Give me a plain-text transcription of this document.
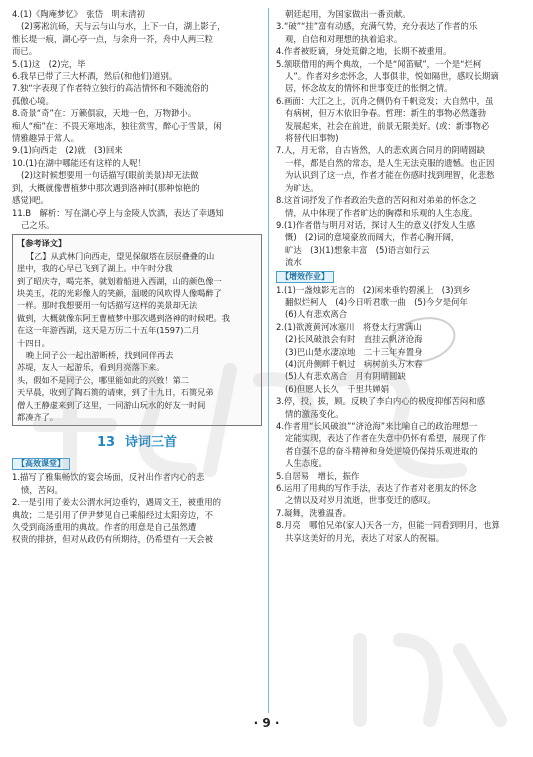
4.(1)《陶庵梦忆》　张岱　明末清初
(2)雾凇沆砀，天与云与山与水，上下一白，湖上影子，
惟长堤一痕，湖心亭一点，与余舟一芥，舟中人两三粒
而已。
5.(1)这　(2)完，毕
6.我早已带了三大杯酒，然后(和他们)道别。
7.独“字表现了作者特立独行的高洁情怀和不随流俗的
孤傲心境。
8.奇景“奇”在：万籁俱寂，天地一色，万物渺小。
痴人“痴”在：不畏天寒地冻，独往赏雪，醉心于雪景，闲
情雅趣异于常人。
9.(1)向西走　(2)就　(3)回来
10.(1)在湖中哪能还有这样的人呢！
(2)这时候想要用一句话描写(眼前美景)却无法做
到，大概就像曹植梦中那次遇到洛神时(那种惊艳的
感觉)吧。
11.B　解析：写在湖心亭上与金陵人饮酒，表达了幸遇知
己之乐。
【参考译文】
【乙】从武林门向西走，望见保俶塔在层层叠叠的山
崖中，我的心早已飞到了湖上。中午时分我
到了昭庆寺，喝完茶，就划着船进入西湖，山的颜色像一
块美玉，花的光彩像人的笑颜，温暖的风吹得人像喝醉了
一样。那时我想要用一句话描写这样的美景却无法
做到，大概就像东阿王曹植梦中那次遇到洛神的时候吧。我
在这一年游西湖，这天是万历二十五年(1597)二月
十四日。
晚上同子公一起出游断桥，找到同伴再去
苏堤，友人一起游乐，看到月亮落下来。
头，假如不是同子公，哪里能如此的兴致！第二
天早晨，收到了陶石篑的请柬，到了十九日，石篑兄弟
僧人王静虚来到了这里，一同游山玩水的好友一时间
都凑齐了。
13 诗词三首
【高效课堂】
1.描写了雅集畅饮的宴会场面，反衬出作者内心的悲
愤，苦闷。
2.一是引用了姜太公渭水河边垂钓，遇周文王，被重用的
典故；二是引用了伊尹梦见自己乘船经过太阳旁边，不
久受到商汤重用的典故。作者的用意是自己虽然遭
权贵的排挤，但对从政仍有所期待，仍希望有一天会被
朝廷起用，为国家做出一番贡献。
3.“破”“挂”富有动感，充满气势，充分表达了作者的乐
观，自信和对理想的执着追求。
4.作者被贬谪，身处荒僻之地，长期不被重用。
5.颔联借用的两个典故，一个是“闻笛赋”，一个是“烂柯
人”。作者对乡恋怀念，人事俱非，悦如隔世，感叹长期谪
居，怀念故友的情怀和世事变迁的怅惘之情。
6.画面：大江之上，沉舟之侧仍有千帆竞发；大自然中，虽
有病树，但万木依旧争春。哲理：新生的事物必然蓬勃
发展起来，社会在前进，前景无限美好。(或：新事物必
将替代旧事物)
7.人，月无常，自古皆然，人的悲欢离合同月的阴晴圆缺
一样，都是自然的常态，是人生无法克服的遗憾。也正因
为认识到了这一点，作者才能在伤感时找到理智，化悲愁
为旷达。
8.这首词抒发了作者政治失意的苦闷和对弟弟的怀念之
情，从中体现了作者旷达的胸襟和乐观的人生态度。
9.(1)作者借与明月对话，探讨人生的意义(抒发人生感
慨)　(2)词的意境豪放而阔大，作者心胸开阔，
旷达　(3)(1)想象丰富　(5)语言如行云
流水
【增效作业】
1.(1)一盏烛影无言的　(2)闲来垂钓碧溪上　(3)到乡
翻似烂柯人　(4)今日听君歌一曲　(5)今夕是何年
(6)人有悲欢离合
2.(1)欲渡黄河冰塞川　将登太行雪满山
(2)长风破浪会有时　直挂云帆济沧海
(3)巴山楚水凄凉地　二十三年弃置身
(4)沉舟侧畔千帆过　病树前头万木春
(5)人有悲欢离合　月有阴晴圆缺
(6)但愿人长久　千里共婵娟
3.停，投，拔，顾。反映了李白内心的极度抑郁苦闷和感
情的激荡变化。
4.作者用“长风破浪”“济沧海”来比喻自己的政治理想一
定能实现，表达了作者在失意中仍怀有希望，展现了作
者自强不息的奋斗精神和身处逆境仍保持乐观进取的
人生态度。
5.自居易　增长，振作
6.运用了用典的写作手法，表达了作者对老朋友的怀念
之情以及对岁月流逝，世事变迁的感叹。
7.凝舞，洗雅温香。
8.月亮　哪怕兄弟(家人)天各一方，但能一同看到明月，也算
共享这美好的月光，表达了对家人的祝福。
· 9 ·
